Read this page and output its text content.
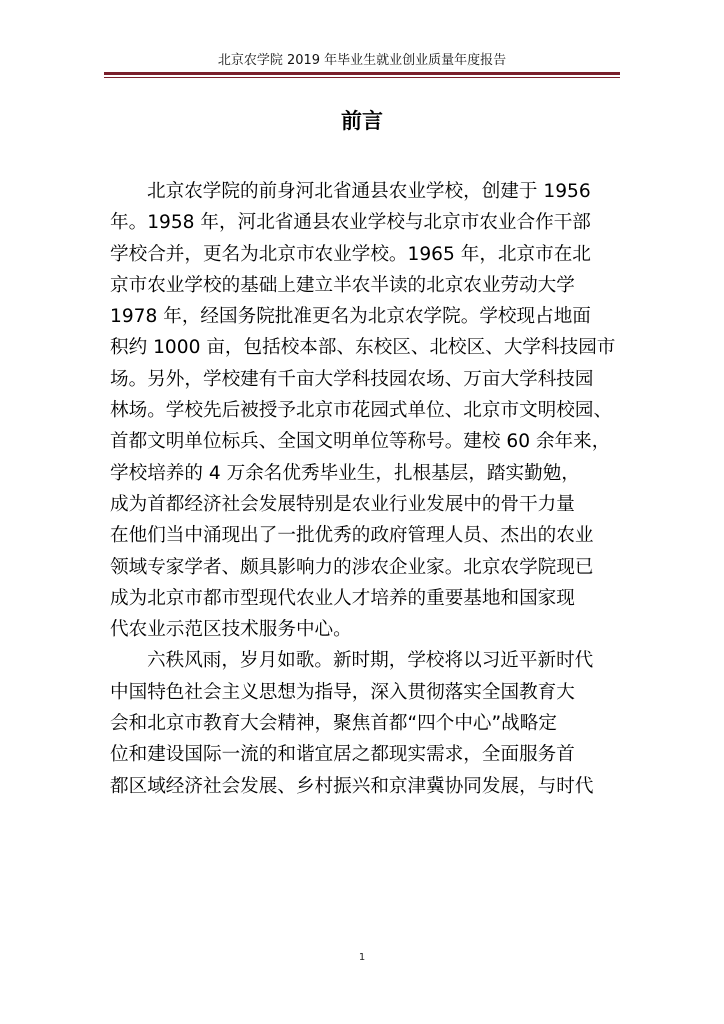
北京农学院 2019 年毕业生就业创业质量年度报告
前言
北京农学院的前身河北省通县农业学校，创建于 1956
年。1958 年，河北省通县农业学校与北京市农业合作干部
学校合并，更名为北京市农业学校。1965 年，北京市在北
京市农业学校的基础上建立半农半读的北京农业劳动大学
1978 年，经国务院批准更名为北京农学院。学校现占地面
积约 1000 亩，包括校本部、东校区、北校区、大学科技园市
场。另外，学校建有千亩大学科技园农场、万亩大学科技园
林场。学校先后被授予北京市花园式单位、北京市文明校园、
首都文明单位标兵、全国文明单位等称号。建校 60 余年来，
学校培养的 4 万余名优秀毕业生，扎根基层，踏实勤勉，
成为首都经济社会发展特别是农业行业发展中的骨干力量
在他们当中涌现出了一批优秀的政府管理人员、杰出的农业
领域专家学者、颇具影响力的涉农企业家。北京农学院现已
成为北京市都市型现代农业人才培养的重要基地和国家现
代农业示范区技术服务中心。
六秩风雨，岁月如歌。新时期，学校将以习近平新时代
中国特色社会主义思想为指导，深入贯彻落实全国教育大
会和北京市教育大会精神，聚焦首都“四个中心”战略定
位和建设国际一流的和谐宜居之都现实需求，全面服务首
都区域经济社会发展、乡村振兴和京津冀协同发展，与时代
1
